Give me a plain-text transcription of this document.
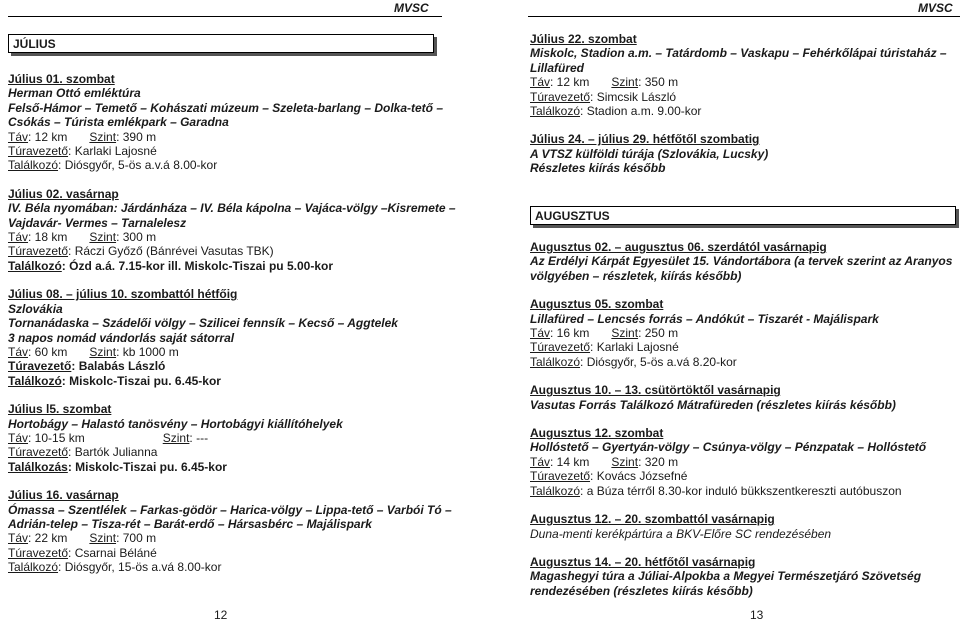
MVSC
JÚLIUS
Július 01. szombat
Herman Ottó emléktúra
Felső-Hámor – Temető – Kohászati múzeum – Szeleta-barlang – Dolka-tető –
Csókás – Túrista emlékpark – Garadna
Táv: 12 km Szint: 390 m
Túravezető: Karlaki Lajosné
Találkozó: Diósgyőr, 5-ös a.v.á 8.00-kor
Július 02. vasárnap
IV. Béla nyomában: Járdánháza – IV. Béla kápolna – Vajáca-völgy –Kisremete –
Vajdavár- Vermes – Tarnalelesz
Táv: 18 km Szint: 300 m
Túravezető: Ráczi Győző (Bánrévei Vasutas TBK)
Találkozó: Ózd a.á. 7.15-kor ill. Miskolc-Tiszai pu 5.00-kor
Július 08. – július 10. szombattól hétfőig
Szlovákia
Tornanádaska – Szádelői völgy – Szilicei fennsík – Kecső – Aggtelek
3 napos nomád vándorlás saját sátorral
Táv: 60 km Szint: kb 1000 m
Túravezető: Balabás László
Találkozó: Miskolc-Tiszai pu. 6.45-kor
Július l5. szombat
Hortobágy – Halastó tanösvény – Hortobágyi kiállítóhelyek
Táv: 10-15 km	Szint: ---
Túravezető: Bartók Julianna
Találkozás: Miskolc-Tiszai pu. 6.45-kor
Július 16. vasárnap
Ómassa – Szentlélek – Farkas-gödör – Harica-völgy – Lippa-tető – Varbói Tó –
Adrián-telep – Tisza-rét – Barát-erdő – Hársasbérc – Majálispark
Táv: 22 km Szint: 700 m
Túravezető: Csarnai Béláné
Találkozó: Diósgyőr, 15-ös a.vá 8.00-kor
12
MVSC
Július 22. szombat
Miskolc, Stadion a.m. – Tatárdomb – Vaskapu – Fehérkőlápai túristaház – Lillafüred
Táv: 12 km Szint: 350 m
Túravezető: Simcsik László
Találkozó: Stadion a.m. 9.00-kor
Július 24. – július 29. hétfőtől szombatig
A VTSZ külföldi túrája (Szlovákia, Lucsky)
Részletes kiírás később
AUGUSZTUS
Augusztus 02. – augusztus 06. szerdától vasárnapig
Az Erdélyi Kárpát Egyesület 15. Vándortábora (a tervek szerint az Aranyos völgyében – részletek, kiírás később)
Augusztus 05. szombat
Lillafüred – Lencsés forrás – Andókút – Tiszarét - Majálispark
Táv: 16 km Szint: 250 m
Túravezető: Karlaki Lajosné
Találkozó: Diósgyőr, 5-ös a.vá 8.20-kor
Augusztus 10. – 13. csütörtöktől vasárnapig
Vasutas Forrás Találkozó Mátrafüreden (részletes kiírás később)
Augusztus 12. szombat
Hollóstető – Gyertyán-völgy – Csúnya-völgy – Pénzpatak – Hollóstető
Táv: 14 km Szint: 320 m
Túravezető: Kovács Józsefné
Találkozó: a Búza térről 8.30-kor induló bükkszentkereszti autóbuszon
Augusztus 12. – 20. szombattól vasárnapig
Duna-menti kerékpártúra a BKV-Előre SC rendezésében
Augusztus 14. – 20. hétfőtől vasárnapig
Magashegyi túra a Júliai-Alpokba a Megyei Természetjáró Szövetség rendezésében (részletes kiírás később)
13
